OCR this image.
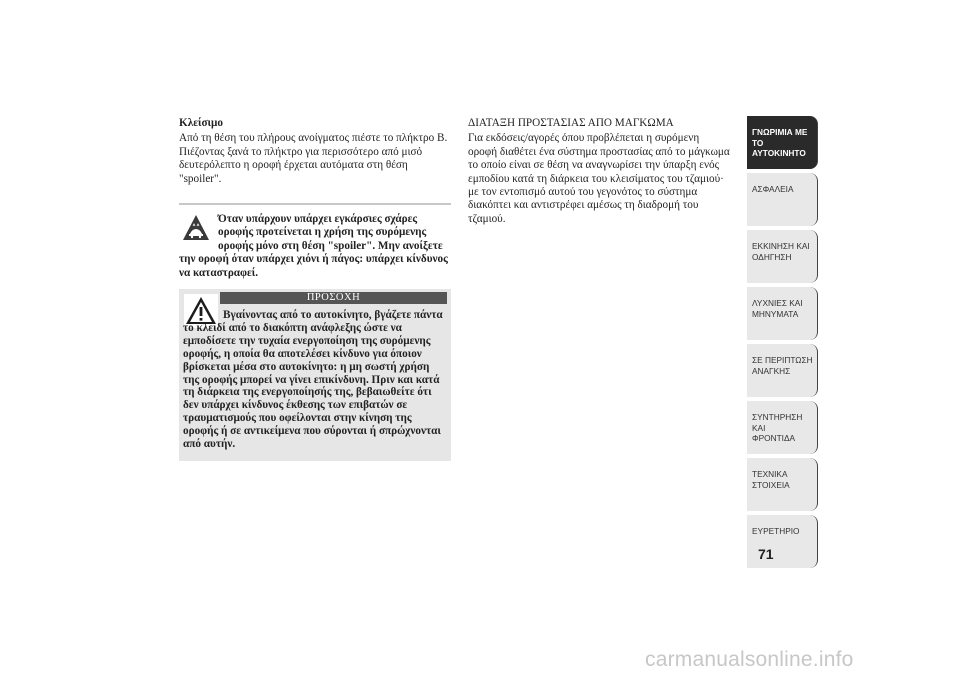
Κλείσιμο

Από τη θέση του πλήρους ανοίγματος πιέστε το πλήκτρο B. Πιέζοντας ξανά το πλήκτρο για περισσότερο από μισό δευτερόλεπτο η οροφή έρχεται αυτόματα στη θέση "spoiler".

Όταν υπάρχουν υπάρχει εγκάρσιες σχάρες οροφής προτείνεται η χρήση της συρόμενης οροφής μόνο στη θέση "spoiler". Μην ανοίξετε την οροφή όταν υπάρχει χιόνι ή πάγος: υπάρχει κίνδυνος να καταστραφεί.
ΠΡΟΣΟΧΗ
Βγαίνοντας από το αυτοκίνητο, βγάζετε πάντα το κλειδί από το διακόπτη ανάφλεξης ώστε να εμποδίσετε την τυχαία ενεργοποίηση της συρόμενης οροφής, η οποία θα αποτελέσει κίνδυνο για όποιον βρίσκεται μέσα στο αυτοκίνητο: η μη σωστή χρήση της οροφής μπορεί να γίνει επικίνδυνη. Πριν και κατά τη διάρκεια της ενεργοποίησής της, βεβαιωθείτε ότι δεν υπάρχει κίνδυνος έκθεσης των επιβατών σε τραυματισμούς που οφείλονται στην κίνηση της οροφής ή σε αντικείμενα που σύρονται ή σπρώχνονται από αυτήν.

ΔΙΑΤΑΞΗ ΠΡΟΣΤΑΣΙΑΣ ΑΠΟ ΜΑΓΚΩΜΑ

Για εκδόσεις/αγορές όπου προβλέπεται η συρόμενη οροφή διαθέτει ένα σύστημα προστασίας από το μάγκωμα το οποίο είναι σε θέση να αναγνωρίσει την ύπαρξη ενός εμποδίου κατά τη διάρκεια του κλεισίματος του τζαμιού· με τον εντοπισμό αυτού του γεγονότος το σύστημα διακόπτει και αντιστρέφει αμέσως τη διαδρομή του τζαμιού.

ΓΝΩΡΙΜΙΑ ΜΕ ΤΟ
ΑΥΤΟΚΙΝΗΤΟ
ΑΣΦΑΛΕΙΑ

ΕΚΚΙΝΗΣΗ ΚΑΙ
ΟΔΗΓΗΣΗ
ΛΥΧΝΙΕΣ ΚΑΙ
ΜΗΝΥΜΑΤΑ
ΣΕ ΠΕΡΙΠΤΩΣΗ
ΑΝΑΓΚΗΣ
ΣΥΝΤΗΡΗΣΗ ΚΑΙ
ΦΡΟΝΤΙΔΑ
ΤΕΧΝΙΚΑ ΣΤΟΙΧΕΙΑ

ΕΥΡΕΤΗΡΙΟ

71
carmanualsonline.info
